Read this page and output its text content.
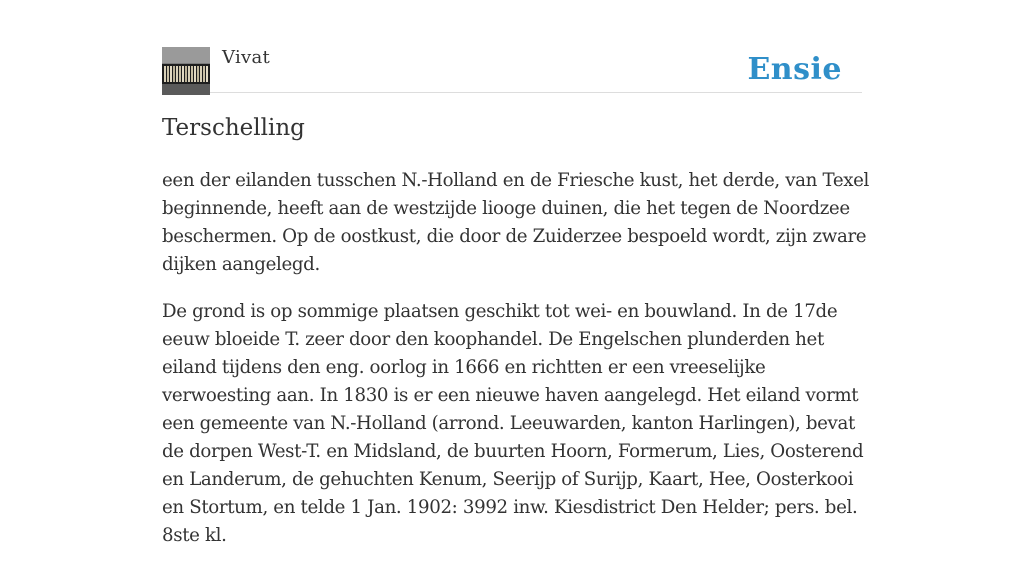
Vivat	Ensie
Terschelling

een der eilanden tusschen N.-Holland en de Friesche kust, het derde, van Texel beginnende, heeft aan de westzijde liooge duinen, die het tegen de Noordzee beschermen. Op de oostkust, die door de Zuiderzee bespoeld wordt, zijn zware dijken aangelegd.

De grond is op sommige plaatsen geschikt tot wei- en bouwland. In de 17de eeuw bloeide T. zeer door den koophandel. De Engelschen plunderden het eiland tijdens den eng. oorlog in 1666 en richtten er een vreeselijke verwoesting aan. In 1830 is er een nieuwe haven aangelegd. Het eiland vormt een gemeente van N.-Holland (arrond. Leeuwarden, kanton Harlingen), bevat de dorpen West-T. en Midsland, de buurten Hoorn, Formerum, Lies, Oosterend en Landerum, de gehuchten Kenum, Seerijp of Surijp, Kaart, Hee, Oosterkooi en Stortum, en telde 1 Jan. 1902: 3992 inw. Kiesdistrict Den Helder; pers. bel. 8ste kl.
